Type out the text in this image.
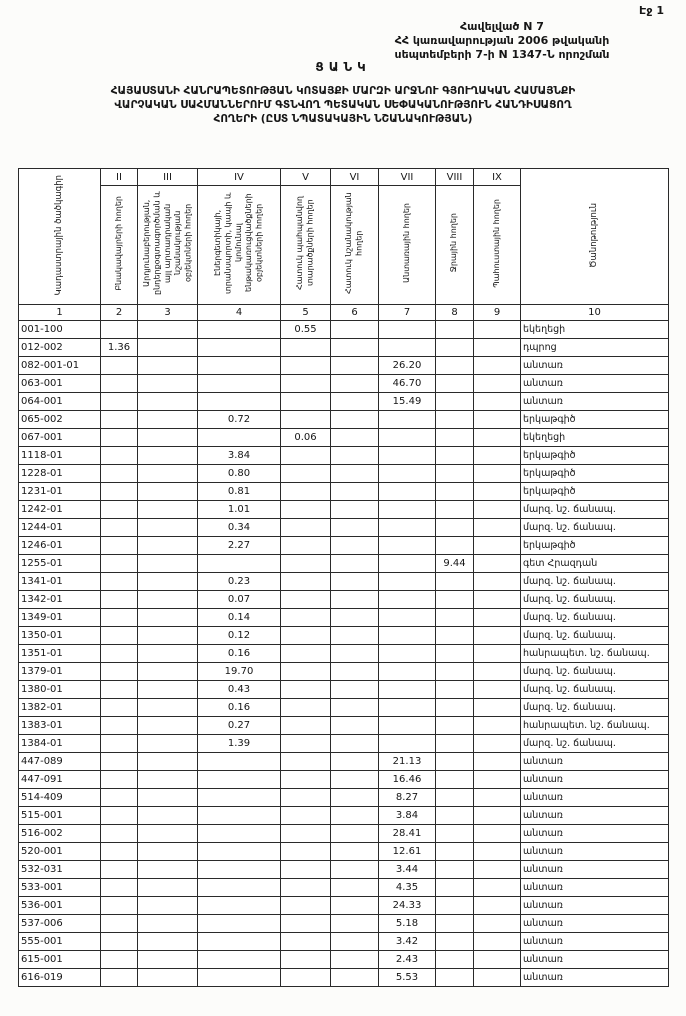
Էջ 1
Հավելված N 7
ՀՀ կառավարության 2006 թվականի
սեպտեմբերի 7-ի N 1347-Ն որոշման
ՑԱՆԿ
ՀԱՅԱՍՏԱՆԻ ՀԱՆՐԱՊԵՏՈՒԹՅԱՆ ԿՈՏԱՅՔԻ ՄԱՐԶԻ ԱՐՋՆՈՒ ԳՅՈՒՂԱԿԱՆ ՀԱՄԱՅՆՔԻ
ՎԱՐՉԱԿԱՆ ՍԱՀՄԱՆՆԵՐՈՒՄ ԳՏՆՎՈՂ ՊԵՏԱԿԱՆ ՍԵՓԱԿԱՆՈՒԹՅՈՒՆ ՀԱՆԴԻՍԱՑՈՂ
ՀՈՂԵՐԻ (ԸՍՏ ՆՊԱՏԱԿԱՅԻՆ ՆՇԱՆԱԿՈՒԹՅԱՆ)
Կադաստրային ծածկագիր	II	III	IV	V	VI	VII	VIII	IX	Ծանոթություն
	Բնակավայրերի հողեր	Արդյունաբերության, ընդերքօգտագործման և այլ արտադրական նշանակության օբյեկտների հողեր	Էներգետիկայի, տրանսպորտի, կապի և կոմունալ ենթակառուցվածքների օբյեկտների հողեր	Հատուկ պահպանվող տարածքների հողեր	Հատուկ նշանակության հողեր	Անտառային հողեր	Ջրային հողեր	Պահուստային հողեր	
1	2	3	4	5	6	7	8	9	10
001-100				0.55					եկեղեցի
012-002	1.36								դպրոց
082-001-01						26.20			անտառ
063-001						46.70			անտառ
064-001						15.49			անտառ
065-002			0.72						երկաթգիծ
067-001				0.06					եկեղեցի
1118-01			3.84						երկաթգիծ
1228-01			0.80						երկաթգիծ
1231-01			0.81						երկաթգիծ
1242-01			1.01						մարզ. նշ. ճանապ.
1244-01			0.34						մարզ. նշ. ճանապ.
1246-01			2.27						երկաթգիծ
1255-01							9.44		գետ Հրազդան
1341-01			0.23						մարզ. նշ. ճանապ.
1342-01			0.07						մարզ. նշ. ճանապ.
1349-01			0.14						մարզ. նշ. ճանապ.
1350-01			0.12						մարզ. նշ. ճանապ.
1351-01			0.16						հանրապետ. նշ. ճանապ.
1379-01			19.70						մարզ. նշ. ճանապ.
1380-01			0.43						մարզ. նշ. ճանապ.
1382-01			0.16						մարզ. նշ. ճանապ.
1383-01			0.27						հանրապետ. նշ. ճանապ.
1384-01			1.39						մարզ. նշ. ճանապ.
447-089						21.13			անտառ
447-091						16.46			անտառ
514-409						8.27			անտառ
515-001						3.84			անտառ
516-002						28.41			անտառ
520-001						12.61			անտառ
532-031						3.44			անտառ
533-001						4.35			անտառ
536-001						24.33			անտառ
537-006						5.18			անտառ
555-001						3.42			անտառ
615-001						2.43			անտառ
616-019						5.53			անտառ
